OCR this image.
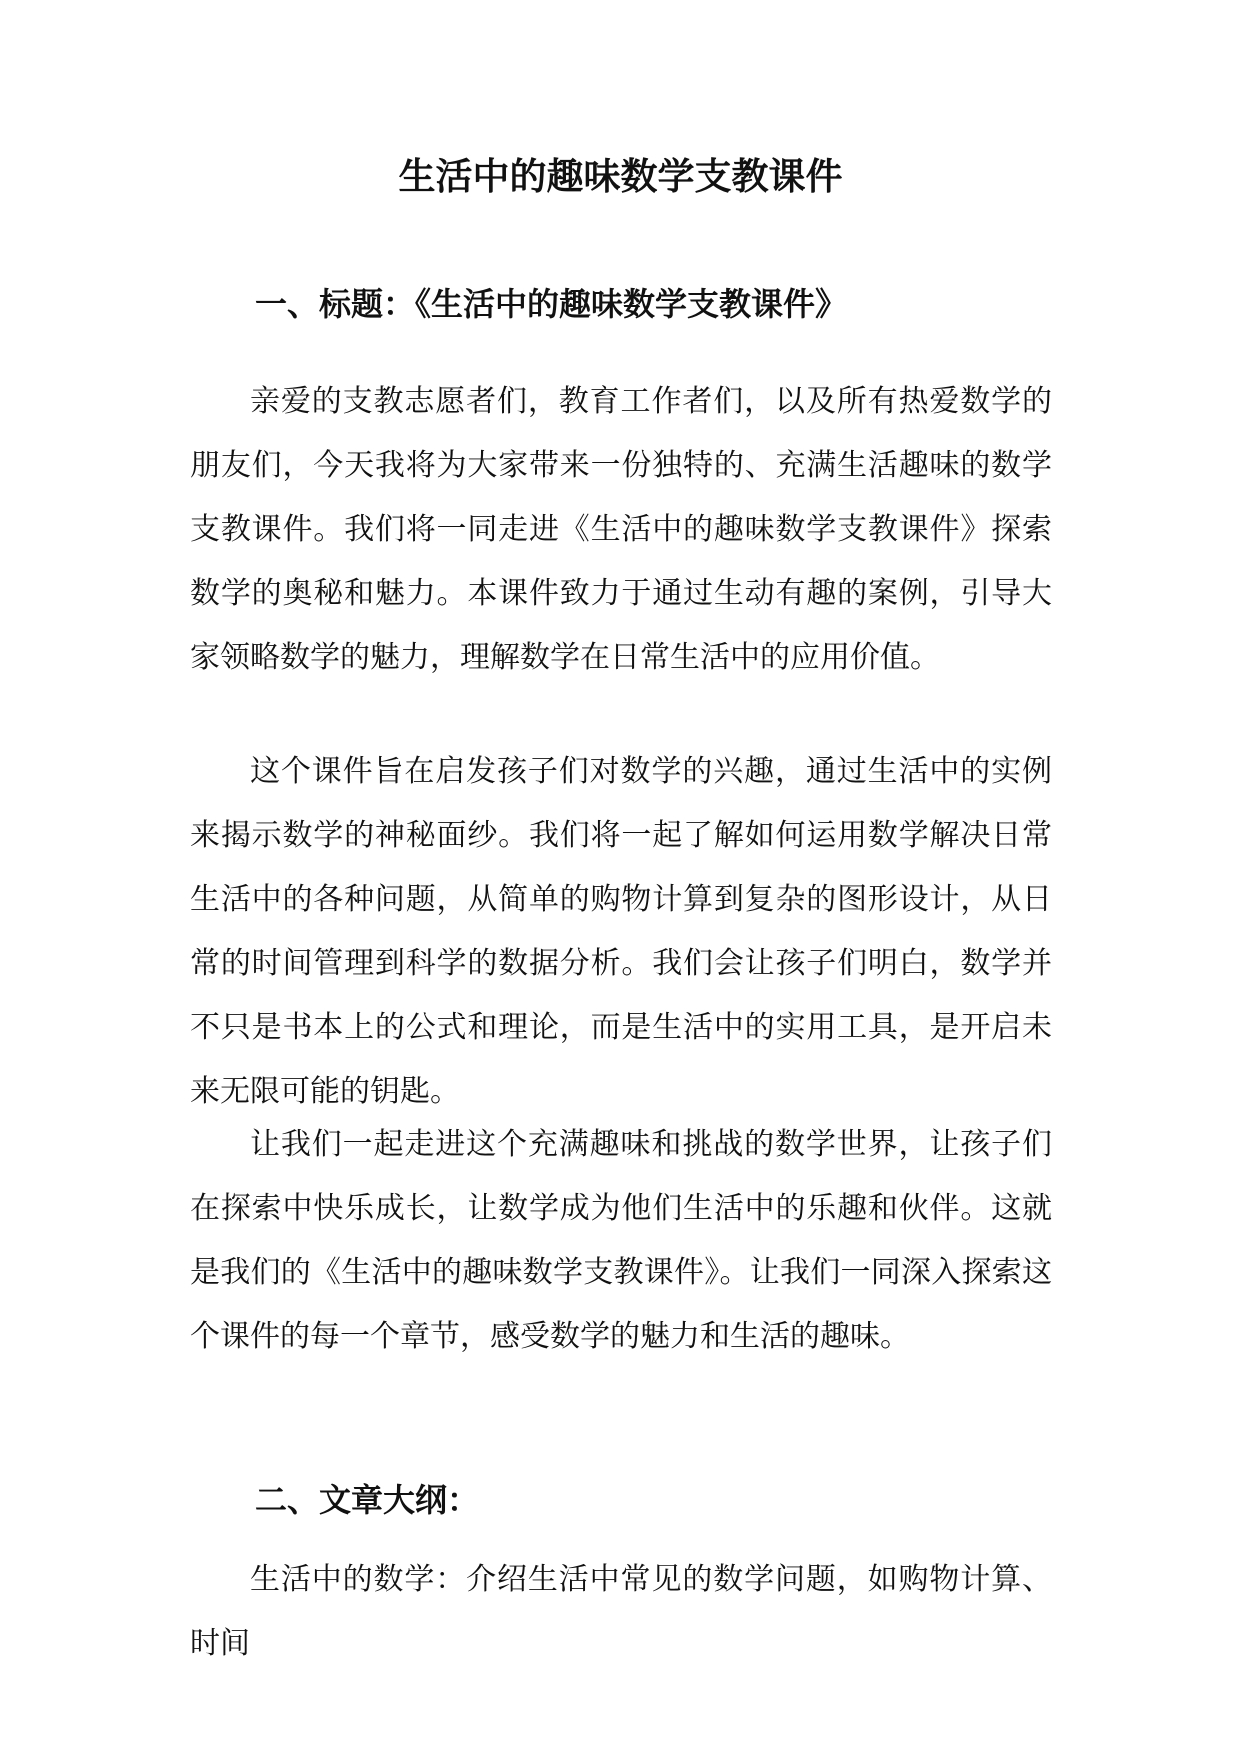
生活中的趣味数学支教课件
一、标题：《生活中的趣味数学支教课件》

亲爱的支教志愿者们，教育工作者们，以及所有热爱数学的朋友们，今天我将为大家带来一份独特的、充满生活趣味的数学支教课件。我们将一同走进《生活中的趣味数学支教课件》探索数学的奥秘和魅力。本课件致力于通过生动有趣的案例，引导大家领略数学的魅力，理解数学在日常生活中的应用价值。

这个课件旨在启发孩子们对数学的兴趣，通过生活中的实例来揭示数学的神秘面纱。我们将一起了解如何运用数学解决日常生活中的各种问题，从简单的购物计算到复杂的图形设计，从日常的时间管理到科学的数据分析。我们会让孩子们明白，数学并不只是书本上的公式和理论，而是生活中的实用工具，是开启未来无限可能的钥匙。

让我们一起走进这个充满趣味和挑战的数学世界，让孩子们在探索中快乐成长，让数学成为他们生活中的乐趣和伙伴。这就是我们的《生活中的趣味数学支教课件》。让我们一同深入探索这个课件的每一个章节，感受数学的魅力和生活的趣味。

二、文章大纲：

生活中的数学：介绍生活中常见的数学问题，如购物计算、时间
